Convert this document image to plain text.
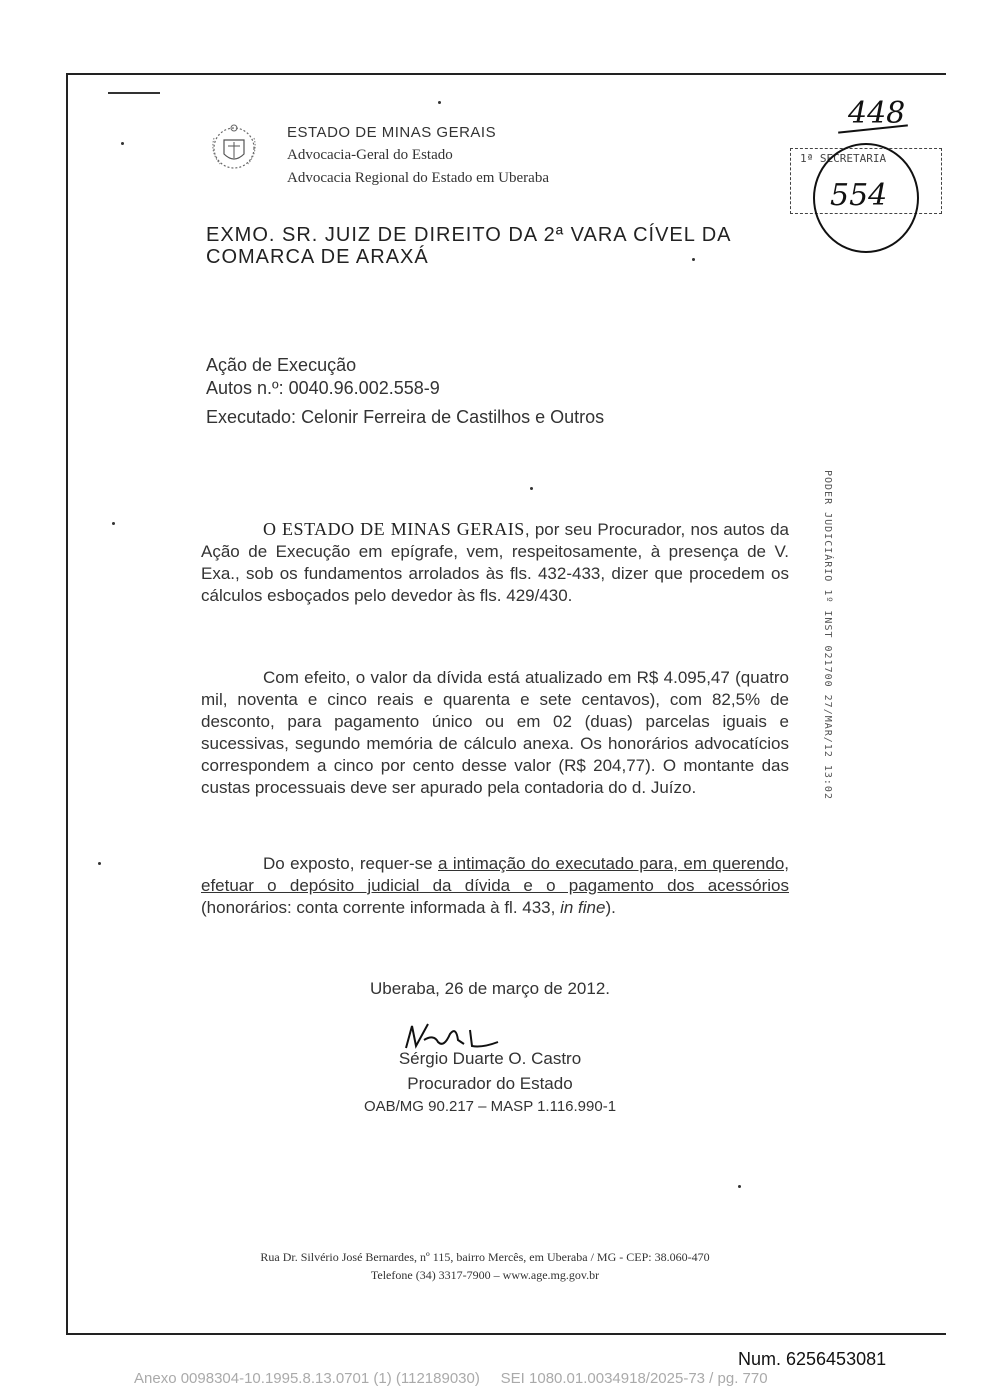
ESTADO DE MINAS GERAIS
Advocacia-Geral do Estado
Advocacia Regional do Estado em Uberaba
448
1ª SECRETARIA
554
EXMO. SR. JUIZ DE DIREITO DA 2ª VARA CÍVEL DA
COMARCA DE ARAXÁ
Ação de Execução
Autos n.º: 0040.96.002.558-9
Executado: Celonir Ferreira de Castilhos e Outros
PODER JUDICIÁRIO 1º INST 021700 27/MAR/12 13:02

O ESTADO DE MINAS GERAIS, por seu Procurador, nos autos da Ação de Execução em epígrafe, vem, respeitosamente, à presença de V. Exa., sob os fundamentos arrolados às fls. 432-433, dizer que procedem os cálculos esboçados pelo devedor às fls. 429/430.

Com efeito, o valor da dívida está atualizado em R$ 4.095,47 (quatro mil, noventa e cinco reais e quarenta e sete centavos), com 82,5% de desconto, para pagamento único ou em 02 (duas) parcelas iguais e sucessivas, segundo memória de cálculo anexa. Os honorários advocatícios correspondem a cinco por cento desse valor (R$ 204,77). O montante das custas processuais deve ser apurado pela contadoria do d. Juízo.

Do exposto, requer-se a intimação do executado para, em querendo, efetuar o depósito judicial da dívida e o pagamento dos acessórios (honorários: conta corrente informada à fl. 433, in fine).

Uberaba, 26 de março de 2012.
Sérgio Duarte O. Castro
Procurador do Estado
OAB/MG 90.217 – MASP 1.116.990-1
Rua Dr. Silvério José Bernardes, nº 115, bairro Mercês, em Uberaba / MG - CEP: 38.060-470
Telefone (34) 3317-7900 – www.age.mg.gov.br
Num. 6256453081
Anexo 0098304-10.1995.8.13.0701 (1) (112189030)     SEI 1080.01.0034918/2025-73 / pg. 770
